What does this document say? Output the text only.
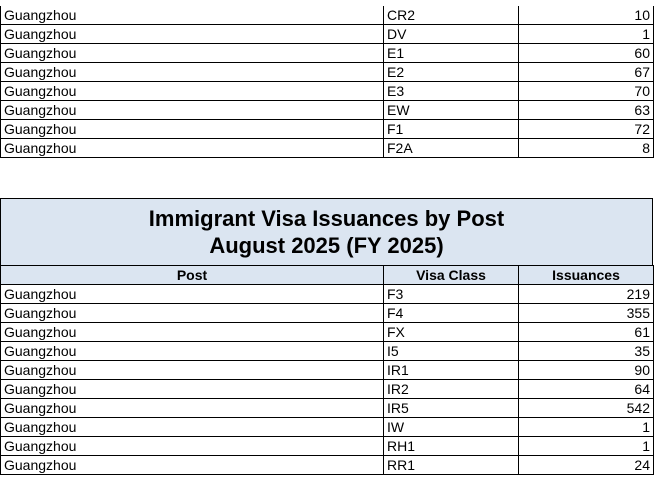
Guangzhou	CR2	10
Guangzhou	DV	1
Guangzhou	E1	60
Guangzhou	E2	67
Guangzhou	E3	70
Guangzhou	EW	63
Guangzhou	F1	72
Guangzhou	F2A	8
Immigrant Visa Issuances by Post
August 2025 (FY 2025)
Post	Visa Class	Issuances
Guangzhou	F3	219
Guangzhou	F4	355
Guangzhou	FX	61
Guangzhou	I5	35
Guangzhou	IR1	90
Guangzhou	IR2	64
Guangzhou	IR5	542
Guangzhou	IW	1
Guangzhou	RH1	1
Guangzhou	RR1	24
